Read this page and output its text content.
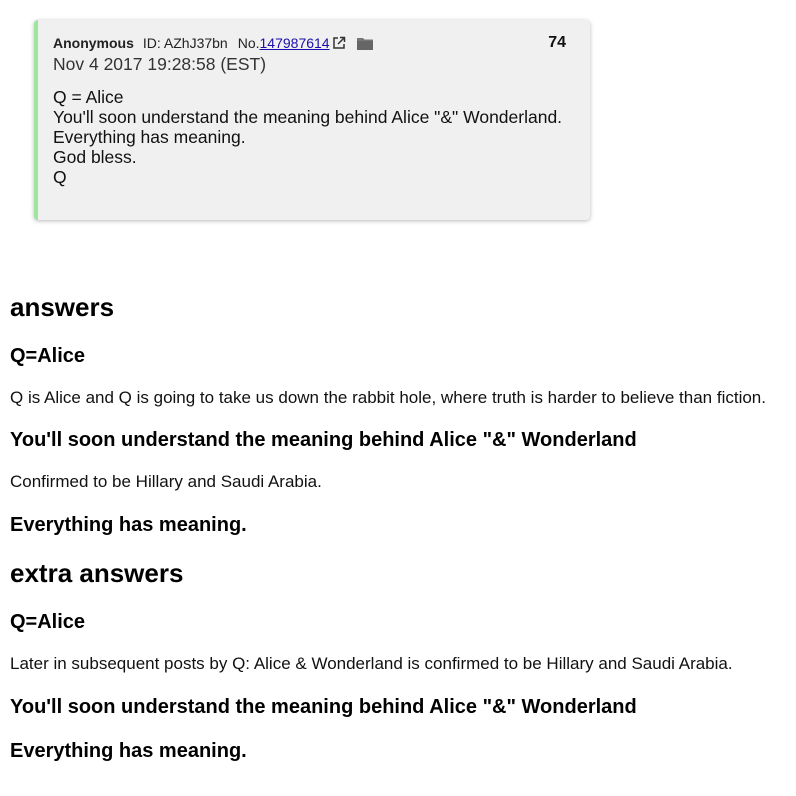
Anonymous ID: AZhJ37bn No. 147987614	74
Nov 4 2017 19:28:58 (EST)
Q = Alice
You'll soon understand the meaning behind Alice "&" Wonderland.
Everything has meaning.
God bless.
Q
answers
Q=Alice
Q is Alice and Q is going to take us down the rabbit hole, where truth is harder to believe than fiction.
You'll soon understand the meaning behind Alice "&" Wonderland
Confirmed to be Hillary and Saudi Arabia.
Everything has meaning.
extra answers
Q=Alice
Later in subsequent posts by Q: Alice & Wonderland is confirmed to be Hillary and Saudi Arabia.
You'll soon understand the meaning behind Alice "&" Wonderland
Everything has meaning.
